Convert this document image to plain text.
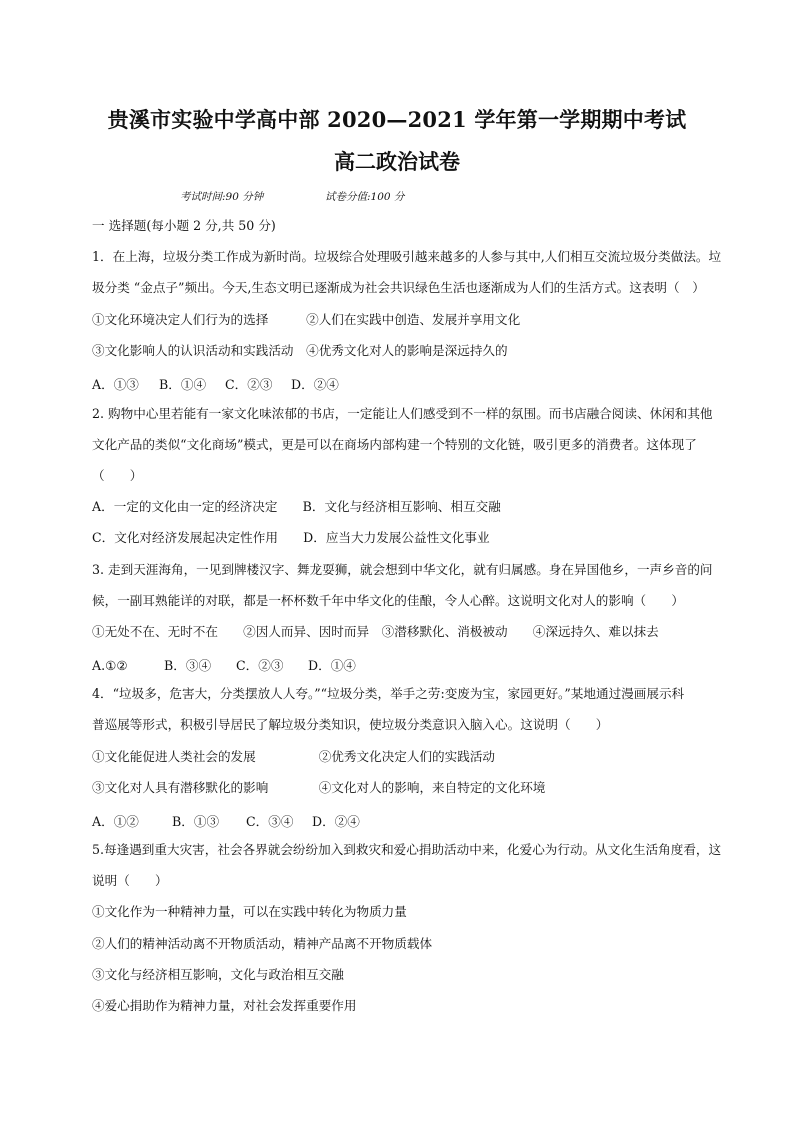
贵溪市实验中学高中部 2020—2021 学年第一学期期中考试
高二政治试卷
考试时间:90 分钟	试卷分值:100 分
一 选择题(每小题 2 分,共 50 分)
1．在上海，垃圾分类工作成为新时尚。垃圾综合处理吸引越来越多的人参与其中,人们相互交流垃圾分类做法。垃
圾分类 “金点子”频出。今天,生态文明已逐渐成为社会共识绿色生活也逐渐成为人们的生活方式。这表明（　）
①文化环境决定人们行为的选择　　　②人们在实践中创造、发展并享用文化
③文化影响人的认识活动和实践活动　④优秀文化对人的影响是深远持久的
A．①③ B．①④ C．②③ D．②④
2. 购物中心里若能有一家文化味浓郁的书店，一定能让人们感受到不一样的氛围。而书店融合阅读、休闲和其他
文化产品的类似“文化商场”模式，更是可以在商场内部构建一个特别的文化链，吸引更多的消费者。这体现了
（　　）
A．一定的文化由一定的经济决定　　B．文化与经济相互影响、相互交融
C．文化对经济发展起决定性作用　　D．应当大力发展公益性文化事业
3. 走到天涯海角，一见到牌楼汉字、舞龙耍狮，就会想到中华文化，就有归属感。身在异国他乡，一声乡音的问
候，一副耳熟能详的对联，都是一杯杯数千年中华文化的佳酿，令人心醉。这说明文化对人的影响（　　）
①无处不在、无时不在　　②因人而异、因时而异　③潜移默化、消极被动　　④深远持久、难以抹去
A.①②	B．③④ C．②③ D．①④
4．“垃圾多，危害大，分类摆放人人夸。”“垃圾分类，举手之劳:变废为宝，家园更好。”某地通过漫画展示科
普巡展等形式，积极引导居民了解垃圾分类知识，使垃圾分类意识入脑入心。这说明（　　）
①文化能促进人类社会的发展　　　　　②优秀文化决定人们的实践活动
③文化对人具有潜移默化的影响　　　　④文化对人的影响，来自特定的文化环境
A．①②	B．①③ C．③④ D．②④
5.每逢遇到重大灾害，社会各界就会纷纷加入到救灾和爱心捐助活动中来，化爱心为行动。从文化生活角度看，这
说明（　　）
①文化作为一种精神力量，可以在实践中转化为物质力量
②人们的精神活动离不开物质活动，精神产品离不开物质载体
③文化与经济相互影响，文化与政治相互交融
④爱心捐助作为精神力量，对社会发挥重要作用
